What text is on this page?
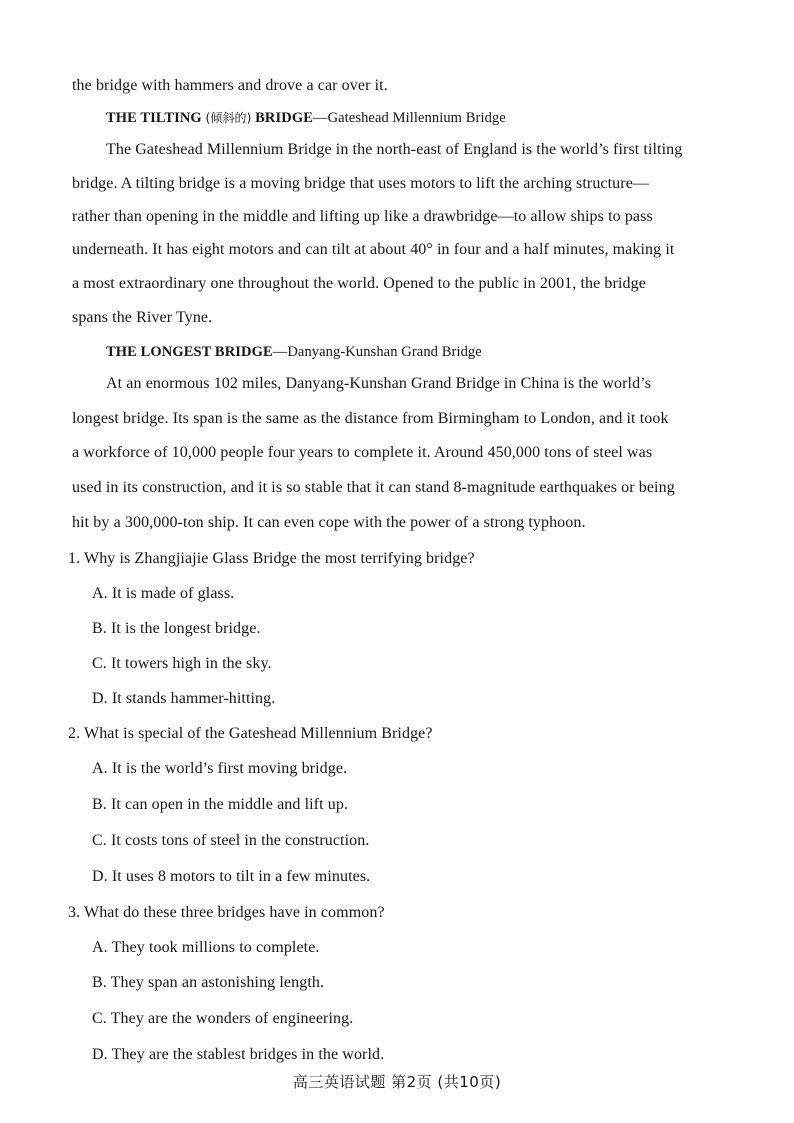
the bridge with hammers and drove a car over it.
THE TILTING (倾斜的) BRIDGE—Gateshead Millennium Bridge
The Gateshead Millennium Bridge in the north-east of England is the world’s first tilting
bridge. A tilting bridge is a moving bridge that uses motors to lift the arching structure—
rather than opening in the middle and lifting up like a drawbridge—to allow ships to pass
underneath. It has eight motors and can tilt at about 40° in four and a half minutes, making it
a most extraordinary one throughout the world. Opened to the public in 2001, the bridge
spans the River Tyne.
THE LONGEST BRIDGE—Danyang-Kunshan Grand Bridge
At an enormous 102 miles, Danyang-Kunshan Grand Bridge in China is the world’s
longest bridge. Its span is the same as the distance from Birmingham to London, and it took
a workforce of 10,000 people four years to complete it. Around 450,000 tons of steel was
used in its construction, and it is so stable that it can stand 8-magnitude earthquakes or being
hit by a 300,000-ton ship. It can even cope with the power of a strong typhoon.
1. Why is Zhangjiajie Glass Bridge the most terrifying bridge?
A. It is made of glass.
B. It is the longest bridge.
C. It towers high in the sky.
D. It stands hammer-hitting.
2. What is special of the Gateshead Millennium Bridge?
A. It is the world’s first moving bridge.
B. It can open in the middle and lift up.
C. It costs tons of steel in the construction.
D. It uses 8 motors to tilt in a few minutes.
3. What do these three bridges have in common?
A. They took millions to complete.
B. They span an astonishing length.
C. They are the wonders of engineering.
D. They are the stablest bridges in the world.
高三英语试题 第2页 (共10页)
